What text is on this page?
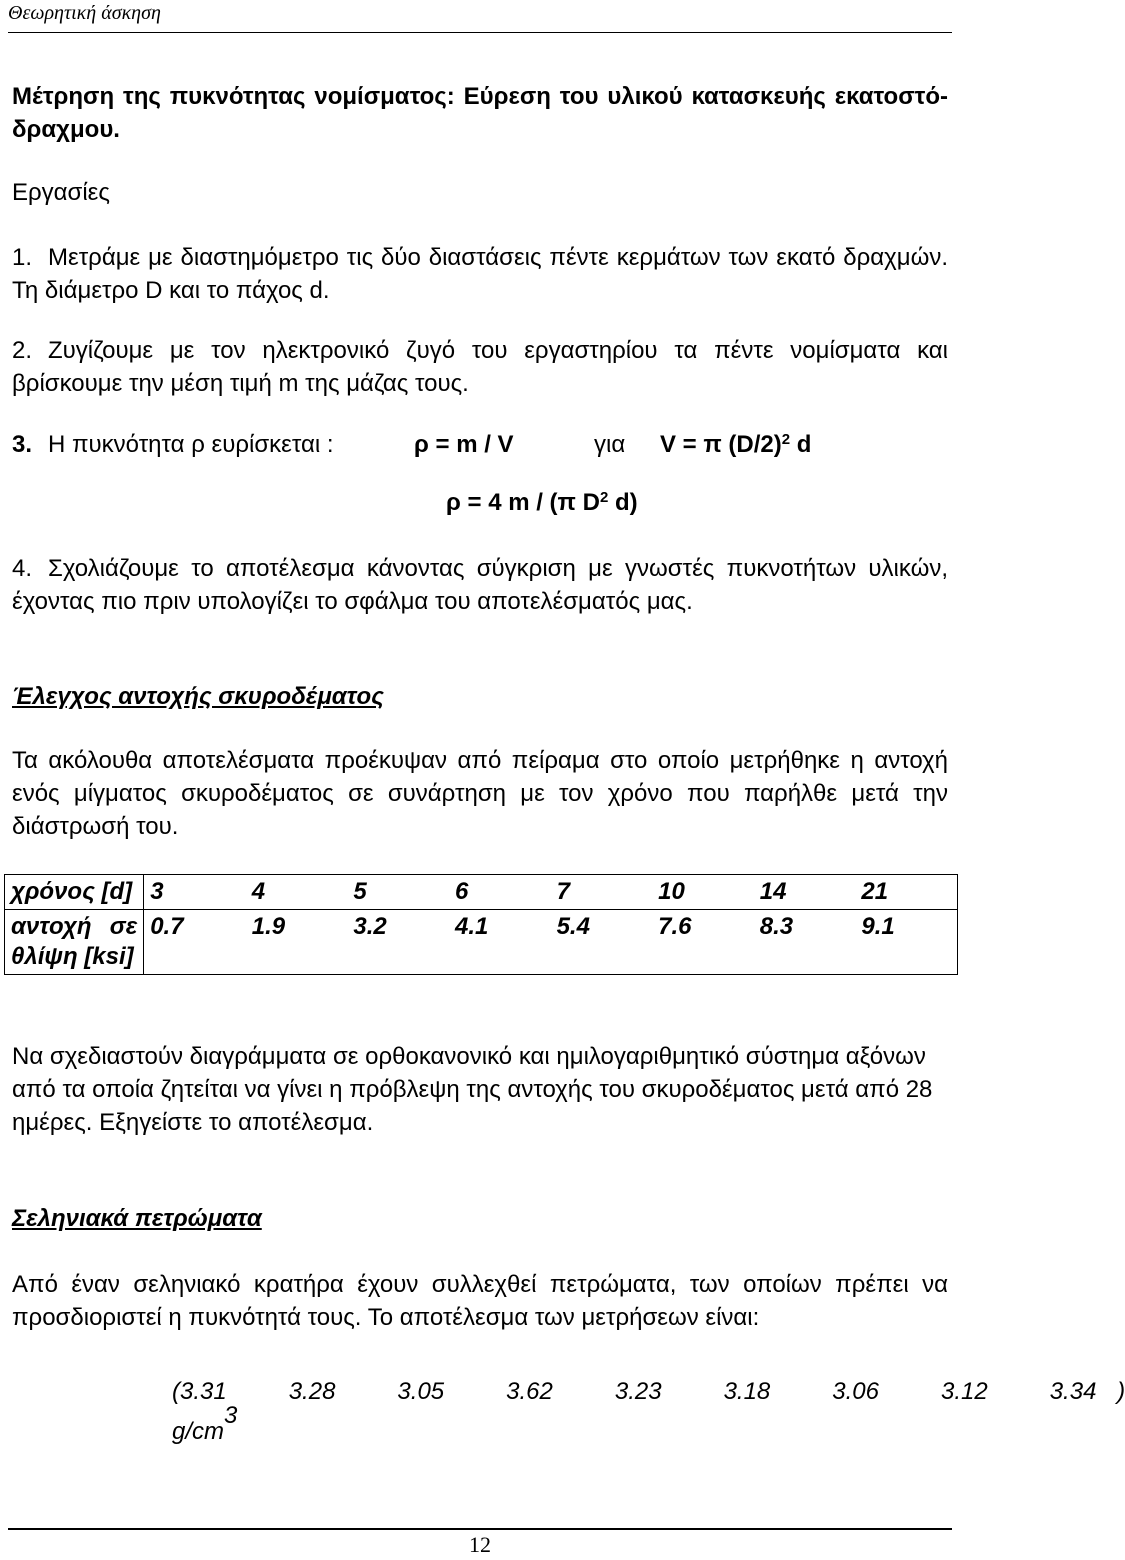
Θεωρητική άσκηση
Μέτρηση της πυκνότητας νομίσματος: Εύρεση του υλικού κατασκευής εκατοστό-δραχμου.
Εργασίες
1. Μετράμε με διαστημόμετρο τις δύο διαστάσεις πέντε κερμάτων των εκατό δραχμών. Τη διάμετρο D και το πάχος d.
2. Ζυγίζουμε με τον ηλεκτρονικό ζυγό του εργαστηρίου τα πέντε νομίσματα και βρίσκουμε την μέση τιμή m της μάζας τους.
3. Η πυκνότητα ρ ευρίσκεται :	ρ = m / V	για V = π $(D/2)^2$ d
ρ = 4 m / (π $D^2$ d)
4. Σχολιάζουμε το αποτέλεσμα κάνοντας σύγκριση με γνωστές πυκνοτήτων υλικών, έχοντας πιο πριν υπολογίζει το σφάλμα του αποτελέσματός μας.
Έλεγχος αντοχής σκυροδέματος
Τα ακόλουθα αποτελέσματα προέκυψαν από πείραμα στο οποίο μετρήθηκε η αντοχή ενός μίγματος σκυροδέματος σε συνάρτηση με τον χρόνο που παρήλθε μετά την διάστρωσή του.
χρόνος [d]	3	4	5	6	7	10	14	21
αντοχή σε θλίψη [ksi]	0.7	1.9	3.2	4.1	5.4	7.6	8.3	9.1
Να σχεδιαστούν διαγράμματα σε ορθοκανονικό και ημιλογαριθμητικό σύστημα αξόνων από τα οποία ζητείται να γίνει η πρόβλεψη της αντοχής του σκυροδέματος μετά από 28 ημέρες. Εξηγείστε το αποτέλεσμα.
Σεληνιακά πετρώματα
Από έναν σεληνιακό κρατήρα έχουν συλλεχθεί πετρώματα, των οποίων πρέπει να προσδιοριστεί η πυκνότητά τους. Το αποτέλεσμα των μετρήσεων είναι:
(3.31   3.28   3.05   3.62   3.23   3.18   3.06   3.12   3.34 ) $g/cm^3$
12
